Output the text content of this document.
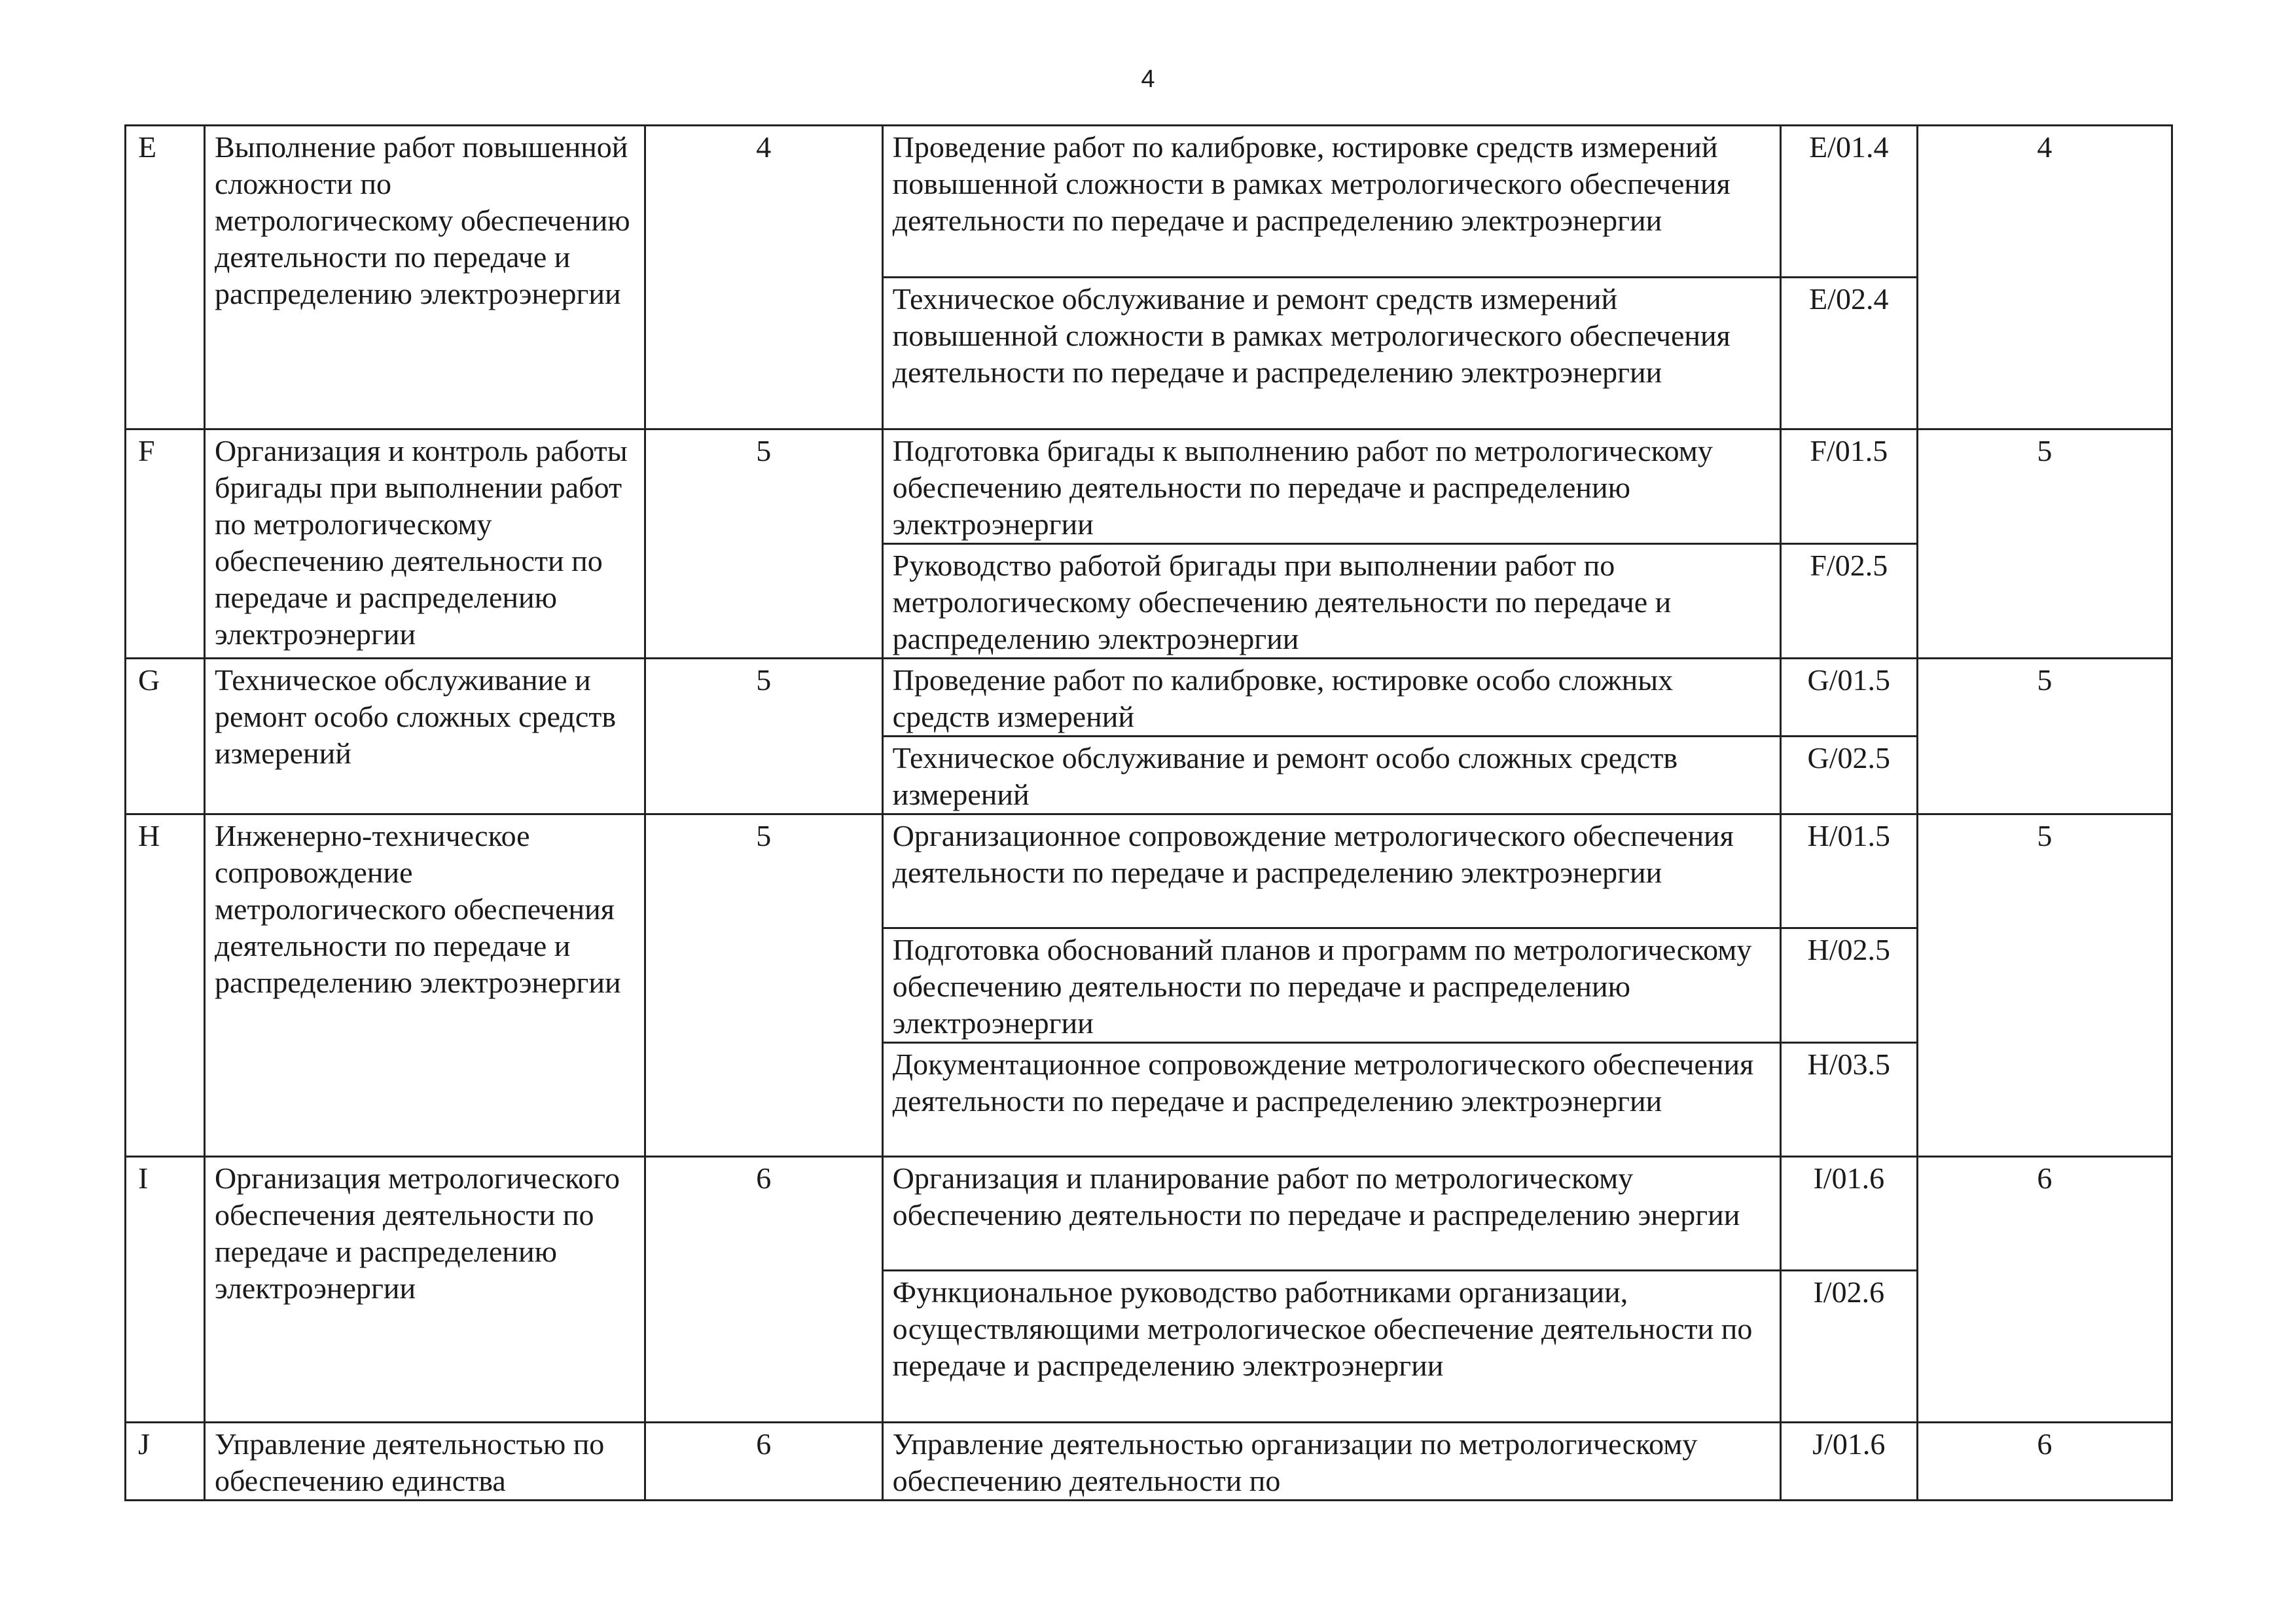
4
E	Выполнение работ повышенной сложности по метрологическому обеспечению деятельности по передаче и распределению электроэнергии	4	Проведение работ по калибровке, юстировке средств измерений повышенной сложности в рамках метрологического обеспечения деятельности по передаче и распределению электроэнергии	E/01.4	4
			Техническое обслуживание и ремонт средств измерений повышенной сложности в рамках метрологического обеспечения деятельности по передаче и распределению электроэнергии	E/02.4	
F	Организация и контроль работы бригады при выполнении работ по метрологическому обеспечению деятельности по передаче и распределению электроэнергии	5	Подготовка бригады к выполнению работ по метрологическому обеспечению деятельности по передаче и распределению электроэнергии	F/01.5	5
			Руководство работой бригады при выполнении работ по метрологическому обеспечению деятельности по передаче и распределению электроэнергии	F/02.5	
G	Техническое обслуживание и ремонт особо сложных средств измерений	5	Проведение работ по калибровке, юстировке особо сложных средств измерений	G/01.5	5
			Техническое обслуживание и ремонт особо сложных средств измерений	G/02.5	
H	Инженерно-техническое сопровождение метрологического обеспечения деятельности по передаче и распределению электроэнергии	5	Организационное сопровождение метрологического обеспечения деятельности по передаче и распределению электроэнергии	H/01.5	5
			Подготовка обоснований планов и программ по метрологическому обеспечению деятельности по передаче и распределению электроэнергии	H/02.5	
			Документационное сопровождение метрологического обеспечения деятельности по передаче и распределению электроэнергии	H/03.5	
I	Организация метрологического обеспечения деятельности по передаче и распределению электроэнергии	6	Организация и планирование работ по метрологическому обеспечению деятельности по передаче и распределению энергии	I/01.6	6
			Функциональное руководство работниками организации, осуществляющими метрологическое обеспечение деятельности по передаче и распределению электроэнергии	I/02.6	
J	Управление деятельностью по обеспечению единства	6	Управление деятельностью организации по метрологическому обеспечению деятельности по	J/01.6	6
